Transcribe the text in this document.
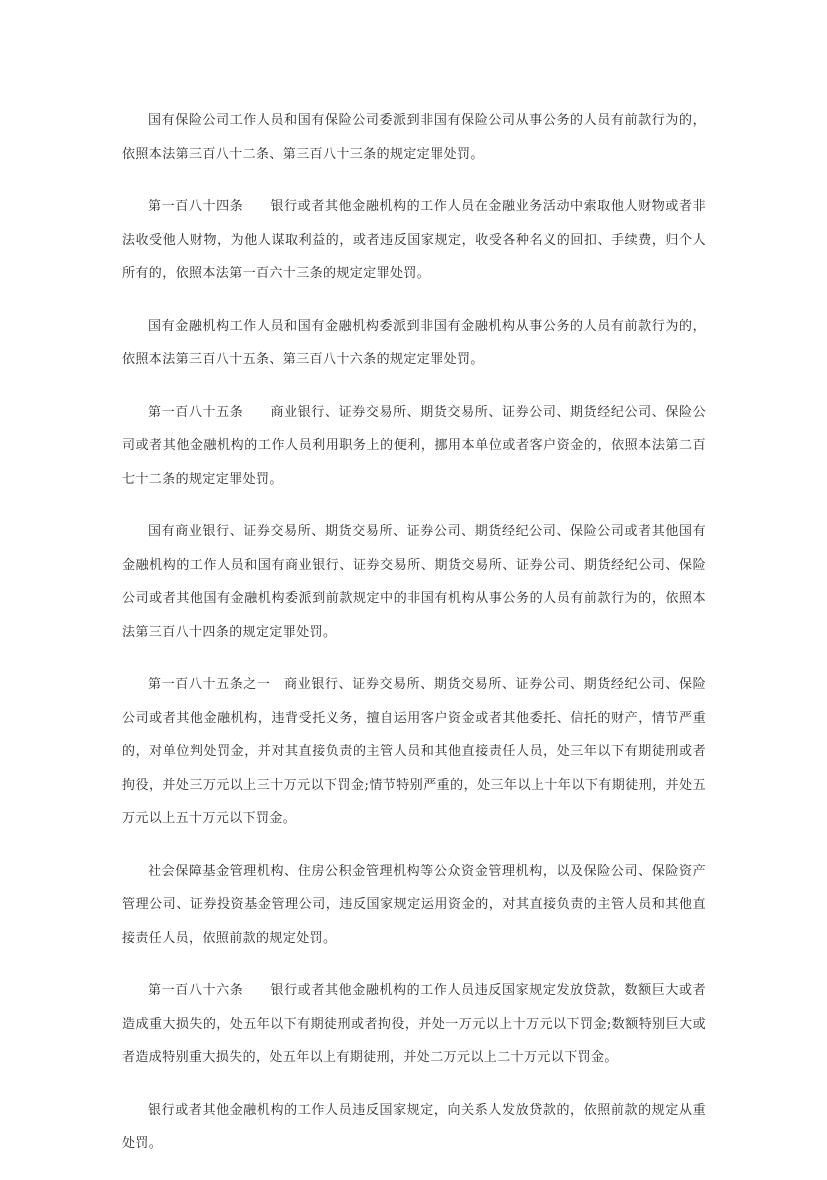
国有保险公司工作人员和国有保险公司委派到非国有保险公司从事公务的人员有前款行为的，依照本法第三百八十二条、第三百八十三条的规定定罪处罚。

第一百八十四条　　银行或者其他金融机构的工作人员在金融业务活动中索取他人财物或者非法收受他人财物，为他人谋取利益的，或者违反国家规定，收受各种名义的回扣、手续费，归个人所有的，依照本法第一百六十三条的规定定罪处罚。

国有金融机构工作人员和国有金融机构委派到非国有金融机构从事公务的人员有前款行为的，依照本法第三百八十五条、第三百八十六条的规定定罪处罚。

第一百八十五条　　商业银行、证券交易所、期货交易所、证券公司、期货经纪公司、保险公司或者其他金融机构的工作人员利用职务上的便利，挪用本单位或者客户资金的，依照本法第二百七十二条的规定定罪处罚。

国有商业银行、证券交易所、期货交易所、证券公司、期货经纪公司、保险公司或者其他国有金融机构的工作人员和国有商业银行、证券交易所、期货交易所、证券公司、期货经纪公司、保险公司或者其他国有金融机构委派到前款规定中的非国有机构从事公务的人员有前款行为的，依照本法第三百八十四条的规定定罪处罚。

第一百八十五条之一　商业银行、证券交易所、期货交易所、证券公司、期货经纪公司、保险公司或者其他金融机构，违背受托义务，擅自运用客户资金或者其他委托、信托的财产，情节严重的，对单位判处罚金，并对其直接负责的主管人员和其他直接责任人员，处三年以下有期徒刑或者拘役，并处三万元以上三十万元以下罚金;情节特别严重的，处三年以上十年以下有期徒刑，并处五万元以上五十万元以下罚金。

社会保障基金管理机构、住房公积金管理机构等公众资金管理机构，以及保险公司、保险资产管理公司、证券投资基金管理公司，违反国家规定运用资金的，对其直接负责的主管人员和其他直接责任人员，依照前款的规定处罚。

第一百八十六条　　银行或者其他金融机构的工作人员违反国家规定发放贷款，数额巨大或者造成重大损失的，处五年以下有期徒刑或者拘役，并处一万元以上十万元以下罚金;数额特别巨大或者造成特别重大损失的，处五年以上有期徒刑，并处二万元以上二十万元以下罚金。

银行或者其他金融机构的工作人员违反国家规定，向关系人发放贷款的，依照前款的规定从重处罚。
